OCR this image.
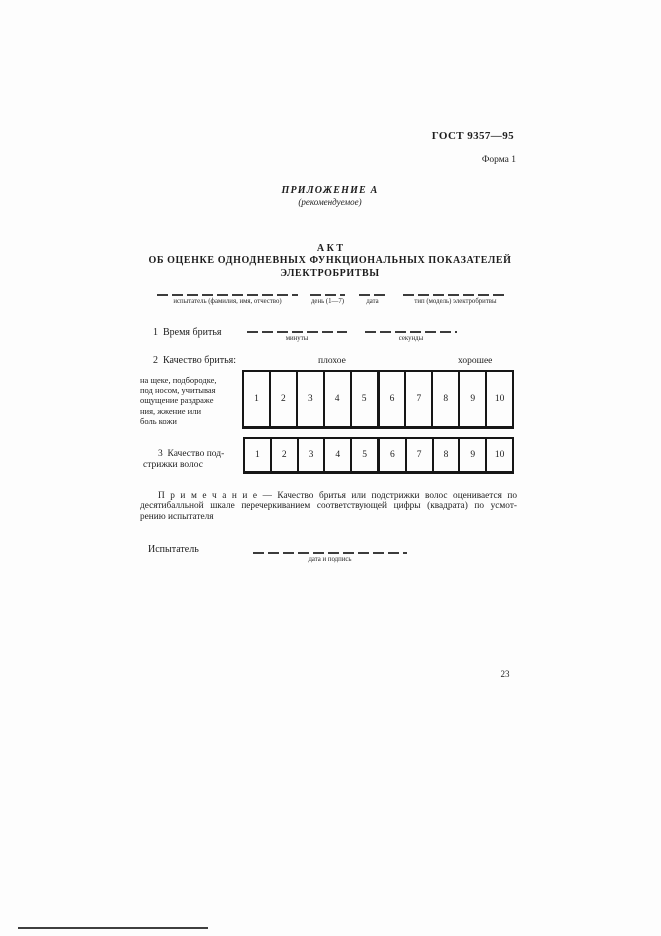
ГОСТ 9357—95
Форма 1
ПРИЛОЖЕНИЕ А
(рекомендуемое)
А К Т
ОБ ОЦЕНКЕ ОДНОДНЕВНЫХ ФУНКЦИОНАЛЬНЫХ ПОКАЗАТЕЛЕЙ
ЭЛЕКТРОБРИТВЫ
испытатель (фамилия, имя, отчество)	день (1—7)	дата	тип (модель) электробритвы
1  Время бритья
минуты	секунды
2  Качество бритья:	плохое	хорошее
на щеке, подбородке,
под носом, учитывая
ощущение раздраже
ния, жжение или
боль кожи
1	2	3	4	5	6	7	8	9	10
3  Качество под-
стрижки волос
1	2	3	4	5	6	7	8	9	10
П р и м е ч а н и е — Качество бритья или подстрижки волос оценивается по
десятибалльной шкале перечеркиванием соответствующей цифры (квадрата) по усмот-
рению испытателя
Испытатель
дата и подпись
23
